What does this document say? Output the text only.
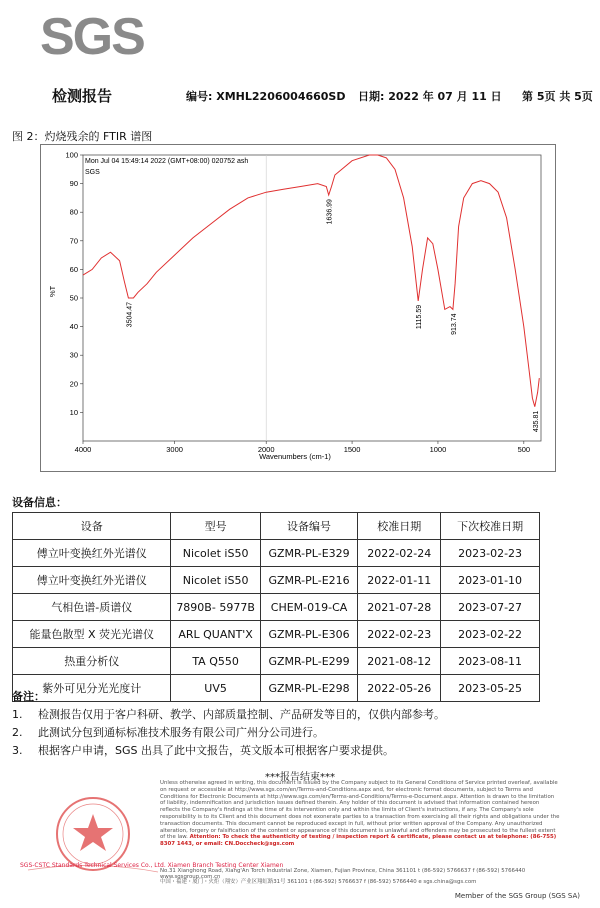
SGS
检测报告	编号: XMHL2206004660SD 日期: 2022 年 07 月 11 日 第 5页 共 5页
图 2：灼烧残余的 FTIR 谱图
4000	3000	2000	1500	1000	500
100
90
80
70
60
50
40
30
20
10
3504.47
1636.99
1115.59	913.74
435.81
Mon Jul 04 15:49:14 2022 (GMT+08:00) 020752 ash
SGS
Wavenumbers (cm-1)
%T
设备信息：
设备	型号	设备编号	校准日期	下次校准日期
傅立叶变换红外光谱仪	Nicolet iS50	GZMR-PL-E329	2022-02-24	2023-02-23
傅立叶变换红外光谱仪	Nicolet iS50	GZMR-PL-E216	2022-01-11	2023-01-10
气相色谱-质谱仪	7890B- 5977B	CHEM-019-CA	2021-07-28	2023-07-27
能量色散型 X 荧光光谱仪	ARL QUANT'X	GZMR-PL-E306	2022-02-23	2023-02-22
热重分析仪	TA Q550	GZMR-PL-E299	2021-08-12	2023-08-11
紫外可见分光光度计	UV5	GZMR-PL-E298	2022-05-26	2023-05-25
备注：
1. 检测报告仅用于客户科研、教学、内部质量控制、产品研发等目的，仅供内部参考。
2. 此测试分包到通标标准技术服务有限公司广州分公司进行。
3. 根据客户申请，SGS 出具了此中文报告，英文版本可根据客户要求提供。
***报告结束***
SGS-CSTC Standards Technical Services Co., Ltd. Xiamen Branch Testing Center Xiamen
Unless otherwise agreed in writing, this document is issued by the Company subject to its General Conditions of Service printed overleaf, available on request or accessible at http://www.sgs.com/en/Terms-and-Conditions.aspx and, for electronic format documents, subject to Terms and Conditions for Electronic Documents at http://www.sgs.com/en/Terms-and-Conditions/Terms-e-Document.aspx. Attention is drawn to the limitation of liability, indemnification and jurisdiction issues defined therein. Any holder of this document is advised that information contained hereon reflects the Company's findings at the time of its intervention only and within the limits of Client's instructions, if any. The Company's sole responsibility is to its Client and this document does not exonerate parties to a transaction from exercising all their rights and obligations under the transaction documents. This document cannot be reproduced except in full, without prior written approval of the Company. Any unauthorized alteration, forgery or falsification of the content or appearance of this document is unlawful and offenders may be prosecuted to the fullest extent of the law. Attention: To check the authenticity of testing / inspection report & certificate, please contact us at telephone: (86-755) 8307 1443, or email: CN.Doccheck@sgs.com
No.31 Xianghong Road, Xiang'An Torch Industrial Zone, Xiamen, Fujian Province, China 361101 t (86-592) 5766637 f (86-592) 5766440 www.sgsgroup.com.cn
中国・福建・厦门・火炬（翔安）产业区翔虹路31号 361101 t (86-592) 5766637 f (86-592) 5766440 e sgs.china@sgs.com
Member of the SGS Group (SGS SA)
